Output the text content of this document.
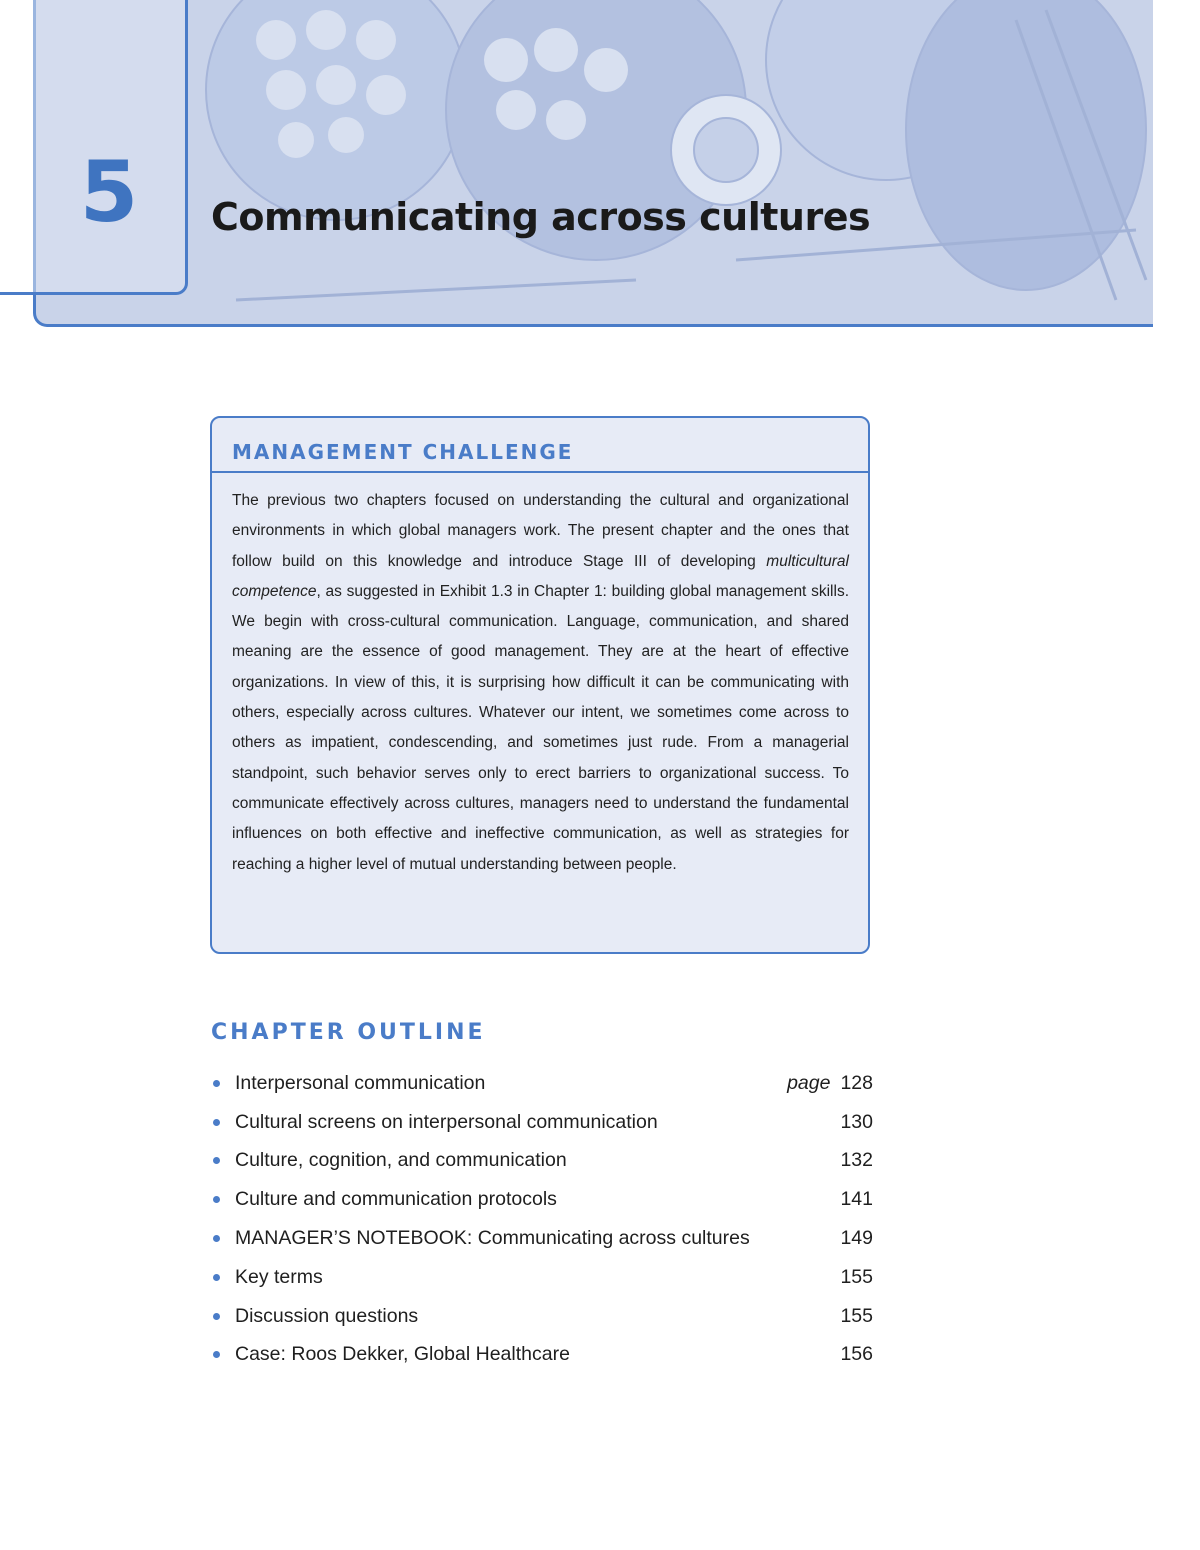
5	Communicating across cultures
MANAGEMENT CHALLENGE
The previous two chapters focused on understanding the cultural and organizational environments in which global managers work. The present chapter and the ones that follow build on this knowledge and introduce Stage III of developing multicultural competence, as suggested in Exhibit 1.3 in Chapter 1: building global management skills. We begin with cross-cultural communication. Language, communication, and shared meaning are the essence of good management. They are at the heart of effective organizations. In view of this, it is surprising how difficult it can be communicating with others, especially across cultures. Whatever our intent, we sometimes come across to others as impatient, condescending, and sometimes just rude. From a managerial standpoint, such behavior serves only to erect barriers to organizational success. To communicate effectively across cultures, managers need to understand the fundamental influences on both effective and ineffective communication, as well as strategies for reaching a higher level of mutual understanding between people.
CHAPTER OUTLINE
Interpersonal communication	page 128
Cultural screens on interpersonal communication	130
Culture, cognition, and communication	132
Culture and communication protocols	141
MANAGER’S NOTEBOOK: Communicating across cultures	149
Key terms	155
Discussion questions	155
Case: Roos Dekker, Global Healthcare	156
